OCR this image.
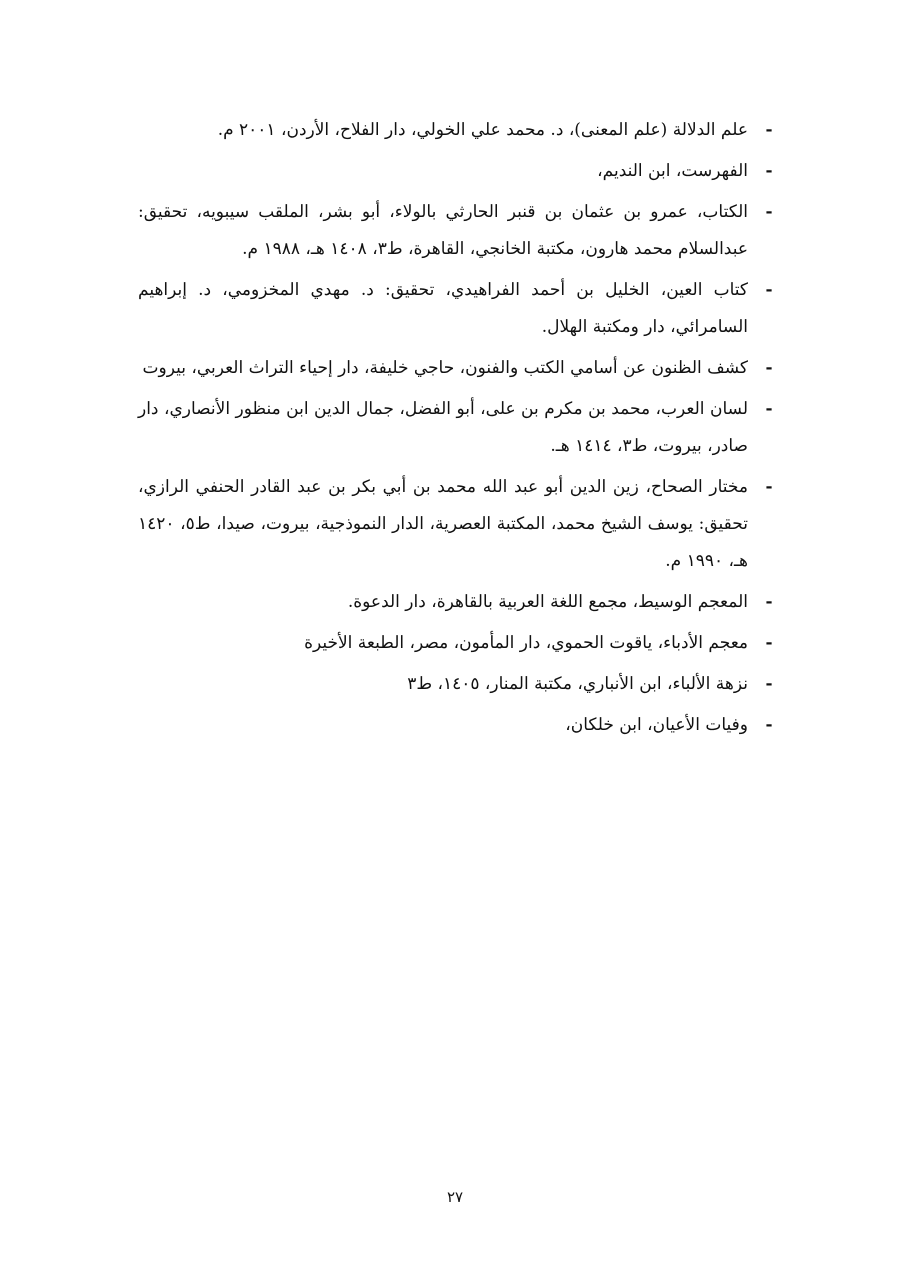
-
علم الدلالة (علم المعنى)، د. محمد علي الخولي، دار الفلاح، الأردن، ٢٠٠١ م.
-
الفهرست، ابن النديم،
-
الكتاب، عمرو بن عثمان بن قنبر الحارثي بالولاء، أبو بشر، الملقب سيبويه، تحقيق: عبدالسلام محمد هارون، مكتبة الخانجي، القاهرة، ط٣، ١٤٠٨ هـ، ١٩٨٨ م.
-
كتاب العين، الخليل بن أحمد الفراهيدي، تحقيق: د. مهدي المخزومي، د. إبراهيم السامرائي، دار ومكتبة الهلال.
-
كشف الظنون عن أسامي الكتب والفنون، حاجي خليفة، دار إحياء التراث العربي، بيروت
-
لسان العرب، محمد بن مكرم بن على، أبو الفضل، جمال الدين ابن منظور الأنصاري، دار صادر، بيروت، ط٣، ١٤١٤ هـ.
-
مختار الصحاح، زين الدين أبو عبد الله محمد بن أبي بكر بن عبد القادر الحنفي الرازي، تحقيق: يوسف الشيخ محمد، المكتبة العصرية، الدار النموذجية، بيروت، صيدا، ط٥، ١٤٢٠ هـ، ١٩٩٠ م.
-
المعجم الوسيط، مجمع اللغة العربية بالقاهرة، دار الدعوة.
-
معجم الأدباء، ياقوت الحموي، دار المأمون، مصر، الطبعة الأخيرة
-
نزهة الألباء، ابن الأنباري، مكتبة المنار، ١٤٠٥، ط٣
-
وفيات الأعيان، ابن خلكان،
٢٧
